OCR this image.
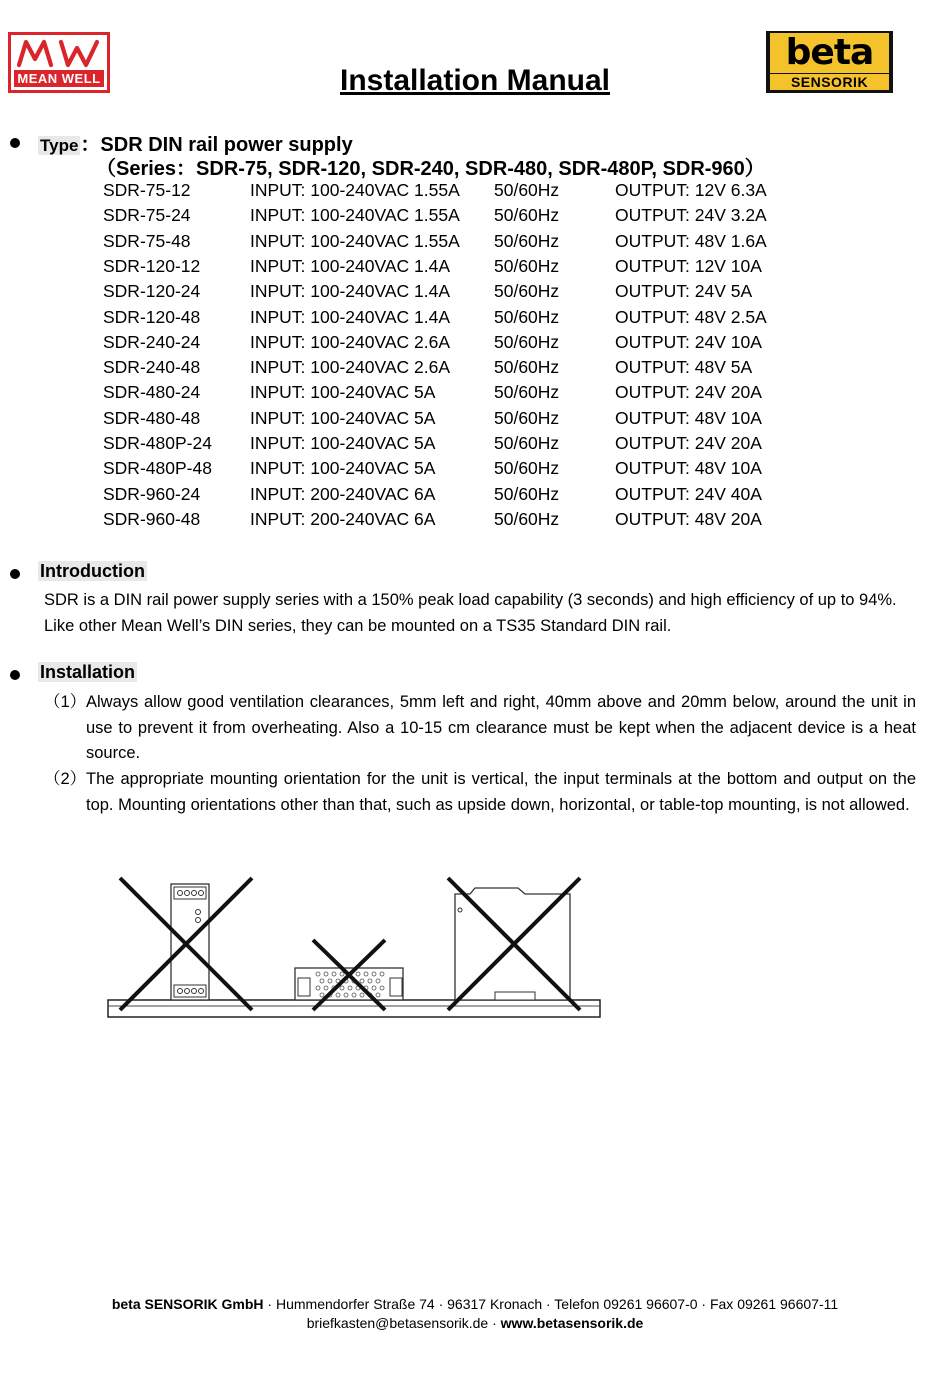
MEAN WELL
beta
SENSORIK
Installation Manual
Type ：SDR DIN rail power supply
（Series：SDR-75, SDR-120, SDR-240, SDR-480, SDR-480P, SDR-960）
SDR-75-12	INPUT: 100-240VAC 1.55A 50/60Hz	OUTPUT: 12V 6.3A
SDR-75-24	INPUT: 100-240VAC 1.55A 50/60Hz	OUTPUT: 24V 3.2A
SDR-75-48	INPUT: 100-240VAC 1.55A 50/60Hz	OUTPUT: 48V 1.6A
SDR-120-12	INPUT: 100-240VAC 1.4A	50/60Hz	OUTPUT: 12V 10A
SDR-120-24	INPUT: 100-240VAC 1.4A	50/60Hz	OUTPUT: 24V 5A
SDR-120-48	INPUT: 100-240VAC 1.4A	50/60Hz	OUTPUT: 48V 2.5A
SDR-240-24	INPUT: 100-240VAC 2.6A	50/60Hz	OUTPUT: 24V 10A
SDR-240-48	INPUT: 100-240VAC 2.6A	50/60Hz	OUTPUT: 48V 5A
SDR-480-24	INPUT: 100-240VAC 5A	50/60Hz	OUTPUT: 24V 20A
SDR-480-48	INPUT: 100-240VAC 5A	50/60Hz	OUTPUT: 48V 10A
SDR-480P-24 INPUT: 100-240VAC 5A	50/60Hz	OUTPUT: 24V 20A
SDR-480P-48 INPUT: 100-240VAC 5A	50/60Hz	OUTPUT: 48V 10A
SDR-960-24	INPUT: 200-240VAC 6A	50/60Hz	OUTPUT: 24V 40A
SDR-960-48	INPUT: 200-240VAC 6A	50/60Hz	OUTPUT: 48V 20A
Introduction
SDR is a DIN rail power supply series with a 150% peak load capability (3 seconds) and high efficiency of up to 94%.
Like other Mean Well’s DIN series, they can be mounted on a TS35 Standard DIN rail.
Installation
（1） Always allow good ventilation clearances, 5mm left and right, 40mm above and 20mm below, around the unit in use to prevent it from overheating. Also a 10-15 cm clearance must be kept when the adjacent device is a heat source.
（2） The appropriate mounting orientation for the unit is vertical, the input terminals at the bottom and output on the top. Mounting orientations other than that, such as upside down, horizontal, or table-top mounting, is not allowed.
beta SENSORIK GmbH · Hummendorfer Straße 74 · 96317 Kronach · Telefon 09261 96607-0 · Fax 09261 96607-11
briefkasten@betasensorik.de · www.betasensorik.de
